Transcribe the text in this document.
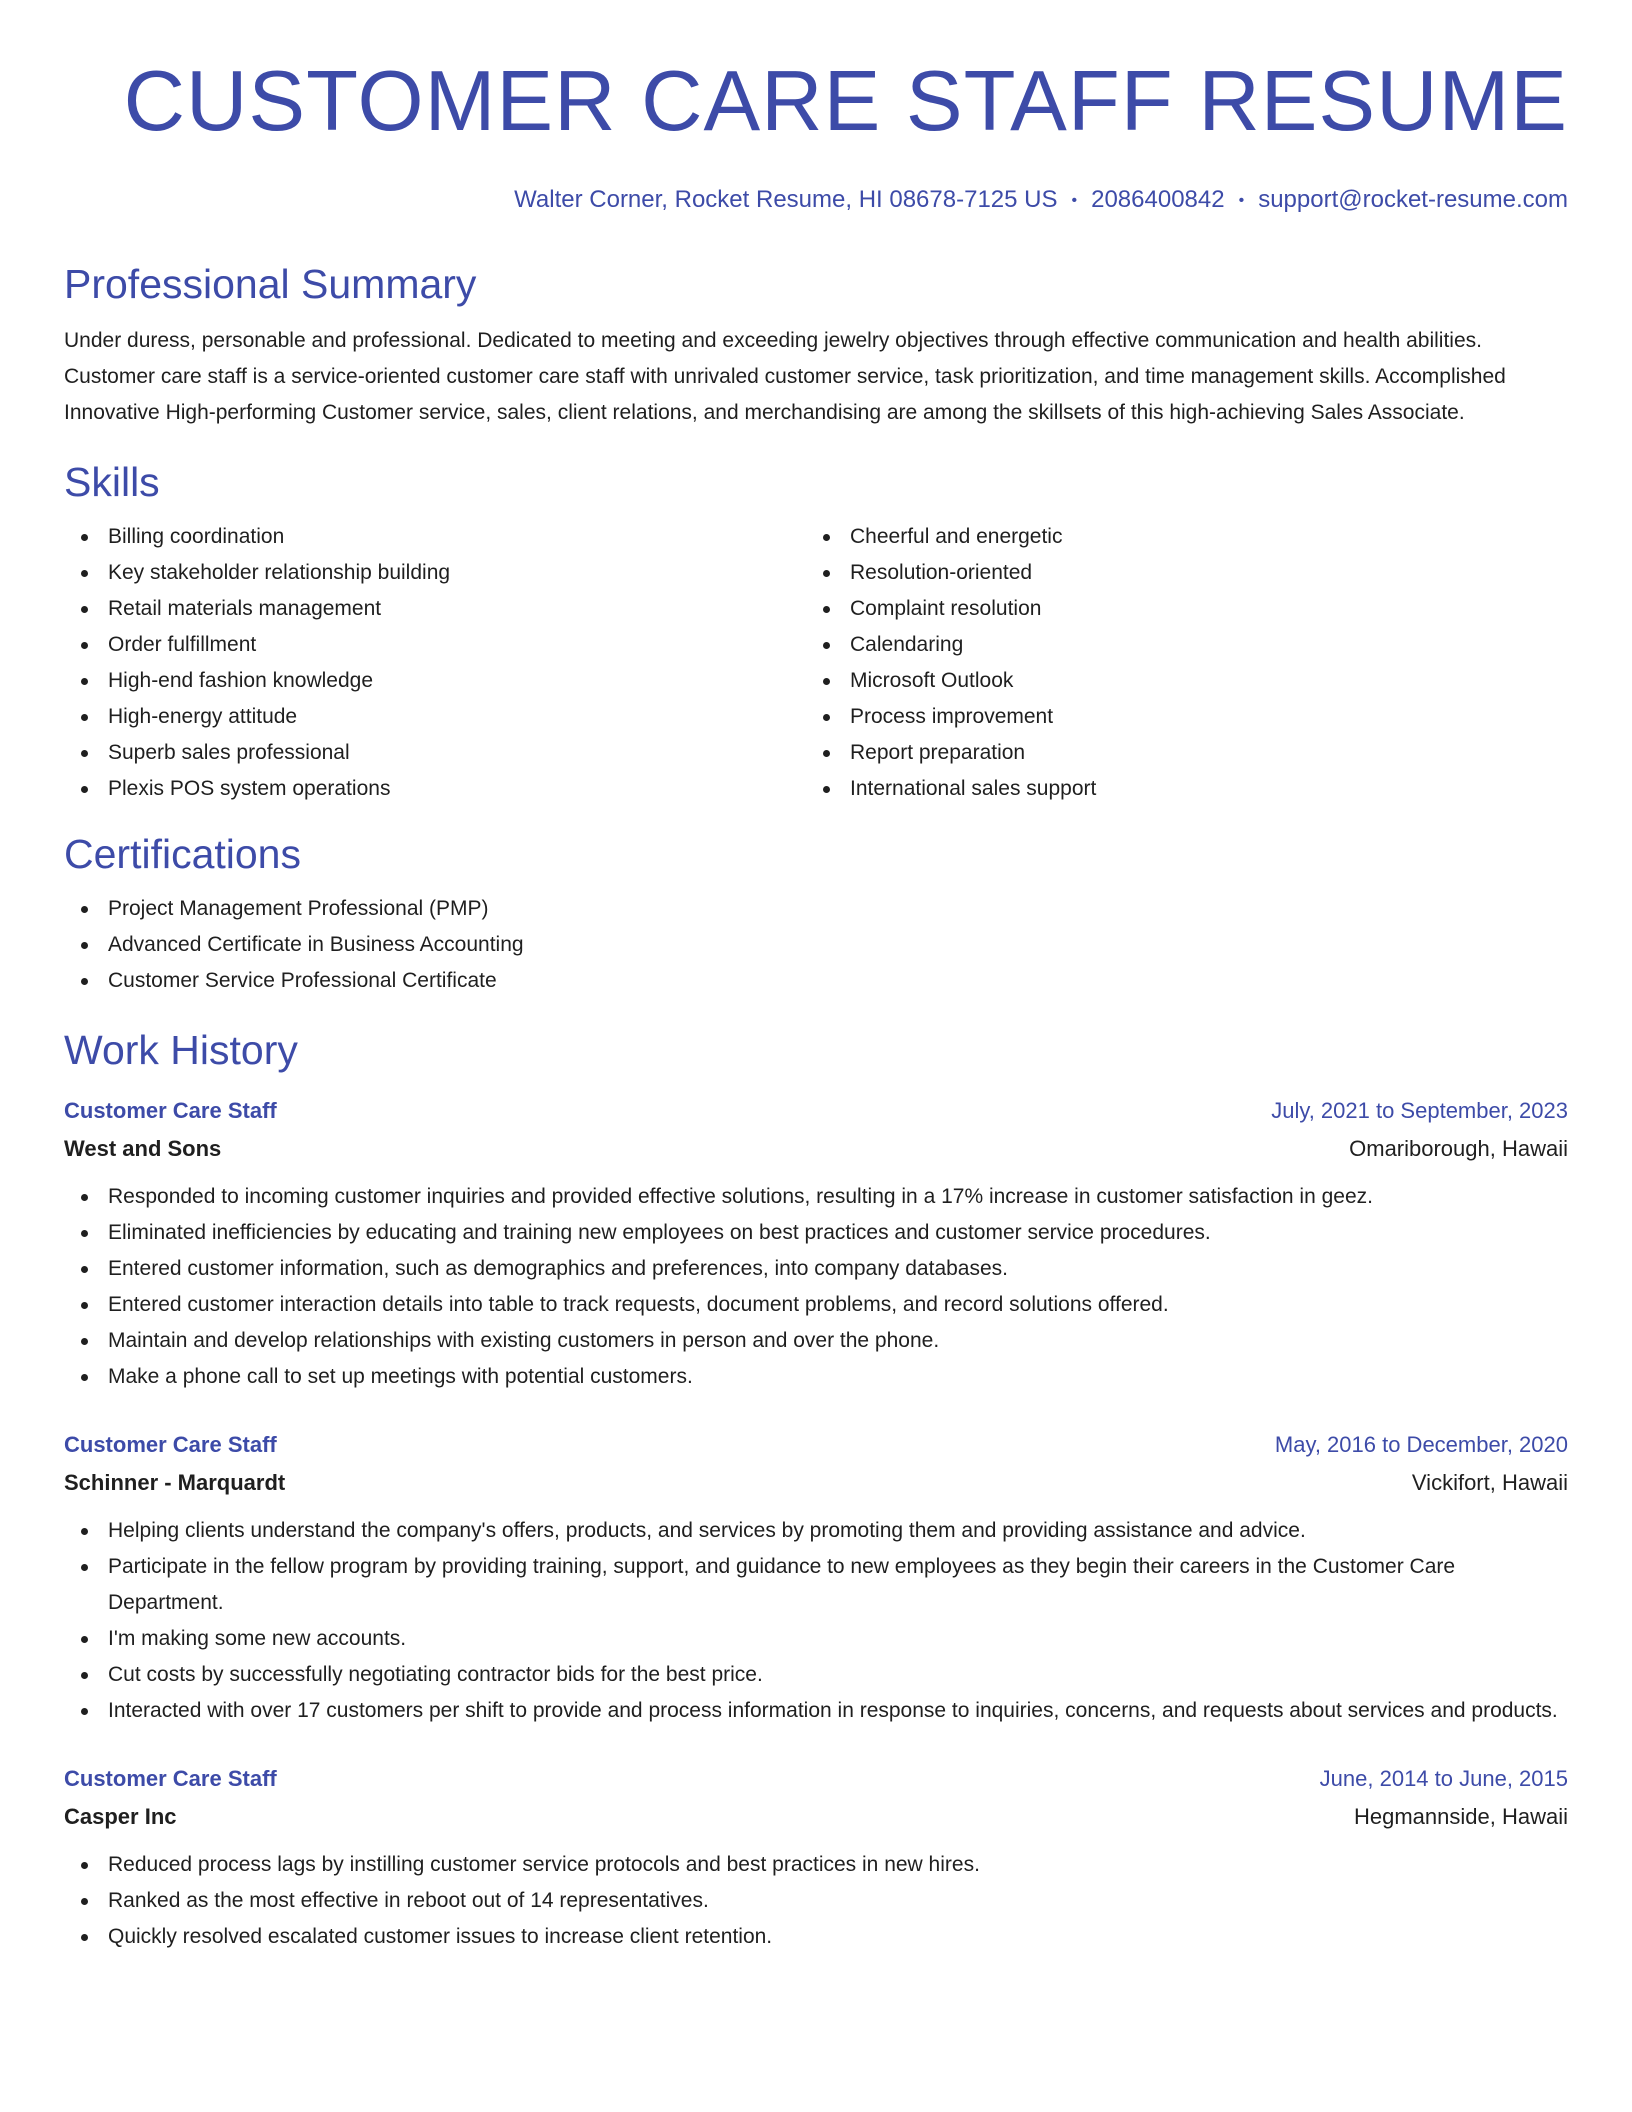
CUSTOMER CARE STAFF RESUME
Walter Corner, Rocket Resume, HI 08678-7125 US • 2086400842 • support@rocket-resume.com
Professional Summary

Under duress, personable and professional. Dedicated to meeting and exceeding jewelry objectives through effective communication and health abilities. Customer care staff is a service-oriented customer care staff with unrivaled customer service, task prioritization, and time management skills. Accomplished Innovative High-performing Customer service, sales, client relations, and merchandising are among the skillsets of this high-achieving Sales Associate.

Skills
Billing coordination
Key stakeholder relationship building
Retail materials management
Order fulfillment
High-end fashion knowledge
High-energy attitude
Superb sales professional
Plexis POS system operations
Cheerful and energetic
Resolution-oriented
Complaint resolution
Calendaring
Microsoft Outlook
Process improvement
Report preparation
International sales support
Certifications
Project Management Professional (PMP)
Advanced Certificate in Business Accounting
Customer Service Professional Certificate
Work History
Customer Care Staff	July, 2021 to September, 2023
West and Sons	Omariborough, Hawaii
Responded to incoming customer inquiries and provided effective solutions, resulting in a 17% increase in customer satisfaction in geez.
Eliminated inefficiencies by educating and training new employees on best practices and customer service procedures.
Entered customer information, such as demographics and preferences, into company databases.
Entered customer interaction details into table to track requests, document problems, and record solutions offered.
Maintain and develop relationships with existing customers in person and over the phone.
Make a phone call to set up meetings with potential customers.
Customer Care Staff	May, 2016 to December, 2020
Schinner - Marquardt	Vickifort, Hawaii
Helping clients understand the company's offers, products, and services by promoting them and providing assistance and advice.
Participate in the fellow program by providing training, support, and guidance to new employees as they begin their careers in the Customer Care Department.
I'm making some new accounts.
Cut costs by successfully negotiating contractor bids for the best price.
Interacted with over 17 customers per shift to provide and process information in response to inquiries, concerns, and requests about services and products.
Customer Care Staff	June, 2014 to June, 2015
Casper Inc	Hegmannside, Hawaii
Reduced process lags by instilling customer service protocols and best practices in new hires.
Ranked as the most effective in reboot out of 14 representatives.
Quickly resolved escalated customer issues to increase client retention.
